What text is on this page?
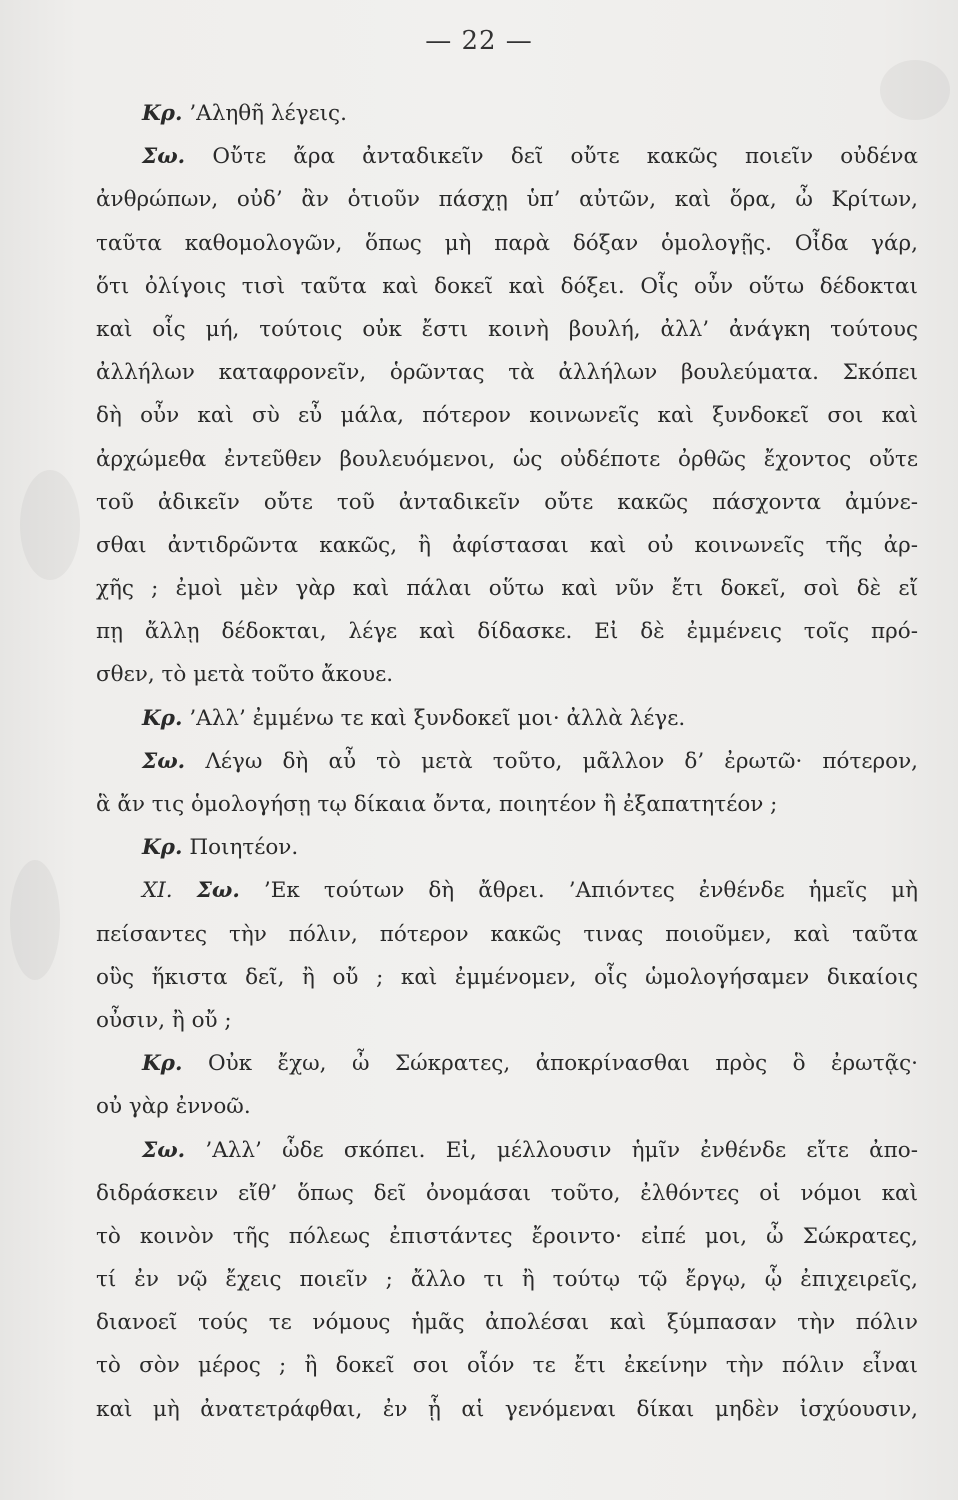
— 22 —
Κρ. ’Αληθῆ λέγεις.
Σω. Οὔτε ἄρα ἀνταδικεῖν δεῖ οὔτε κακῶς ποιεῖν οὐδένα
ἀνθρώπων, οὐδ’ ἂν ὁτιοῦν πάσχῃ ὑπ’ αὐτῶν, καὶ ὅρα, ὦ Κρίτων,
ταῦτα καθομολογῶν, ὅπως μὴ παρὰ δόξαν ὁμολογῇς. Οἶδα γάρ,
ὅτι ὀλίγοις τισὶ ταῦτα καὶ δοκεῖ καὶ δόξει. Οἷς οὖν οὕτω δέδοκται
καὶ οἷς μή, τούτοις οὐκ ἔστι κοινὴ βουλή, ἀλλ’ ἀνάγκη τούτους
ἀλλήλων καταφρονεῖν, ὁρῶντας τὰ ἀλλήλων βουλεύματα. Σκόπει
δὴ οὖν καὶ σὺ εὖ μάλα, πότερον κοινωνεῖς καὶ ξυνδοκεῖ σοι καὶ
ἀρχώμεθα ἐντεῦθεν βουλευόμενοι, ὡς οὐδέποτε ὀρθῶς ἔχοντος οὔτε
τοῦ ἀδικεῖν οὔτε τοῦ ἀνταδικεῖν οὔτε κακῶς πάσχοντα ἀμύνε-
σθαι ἀντιδρῶντα κακῶς, ἢ ἀφίστασαι καὶ οὐ κοινωνεῖς τῆς ἀρ-
χῆς ; ἐμοὶ μὲν γὰρ καὶ πάλαι οὕτω καὶ νῦν ἔτι δοκεῖ, σοὶ δὲ εἴ
πῃ ἄλλῃ δέδοκται, λέγε καὶ δίδασκε. Εἰ δὲ ἐμμένεις τοῖς πρό-
σθεν, τὸ μετὰ τοῦτο ἄκουε.
Κρ. ’Αλλ’ ἐμμένω τε καὶ ξυνδοκεῖ μοι· ἀλλὰ λέγε.
Σω. Λέγω δὴ αὖ τὸ μετὰ τοῦτο, μᾶλλον δ’ ἐρωτῶ· πότερον,
ἃ ἄν τις ὁμολογήσῃ τῳ δίκαια ὄντα, ποιητέον ἢ ἐξαπατητέον ;
Κρ. Ποιητέον.
XI. Σω. ’Εκ τούτων δὴ ἄθρει. ’Απιόντες ἐνθένδε ἡμεῖς μὴ
πείσαντες τὴν πόλιν, πότερον κακῶς τινας ποιοῦμεν, καὶ ταῦτα
οὓς ἥκιστα δεῖ, ἢ οὔ ; καὶ ἐμμένομεν, οἷς ὡμολογήσαμεν δικαίοις
οὖσιν, ἢ οὔ ;
Κρ. Οὐκ ἔχω, ὦ Σώκρατες, ἀποκρίνασθαι πρὸς ὃ ἐρωτᾷς·
οὐ γὰρ ἐννοῶ.
Σω. ’Αλλ’ ὧδε σκόπει. Εἰ, μέλλουσιν ἡμῖν ἐνθένδε εἴτε ἀπο-
διδράσκειν εἴθ’ ὅπως δεῖ ὀνομάσαι τοῦτο, ἐλθόντες οἱ νόμοι καὶ
τὸ κοινὸν τῆς πόλεως ἐπιστάντες ἔροιντο· εἰπέ μοι, ὦ Σώκρατες,
τί ἐν νῷ ἔχεις ποιεῖν ; ἄλλο τι ἢ τούτῳ τῷ ἔργῳ, ᾧ ἐπιχειρεῖς,
διανοεῖ τούς τε νόμους ἡμᾶς ἀπολέσαι καὶ ξύμπασαν τὴν πόλιν
τὸ σὸν μέρος ; ἢ δοκεῖ σοι οἷόν τε ἔτι ἐκείνην τὴν πόλιν εἶναι
καὶ μὴ ἀνατετράφθαι, ἐν ᾗ αἱ γενόμεναι δίκαι μηδὲν ἰσχύουσιν,
